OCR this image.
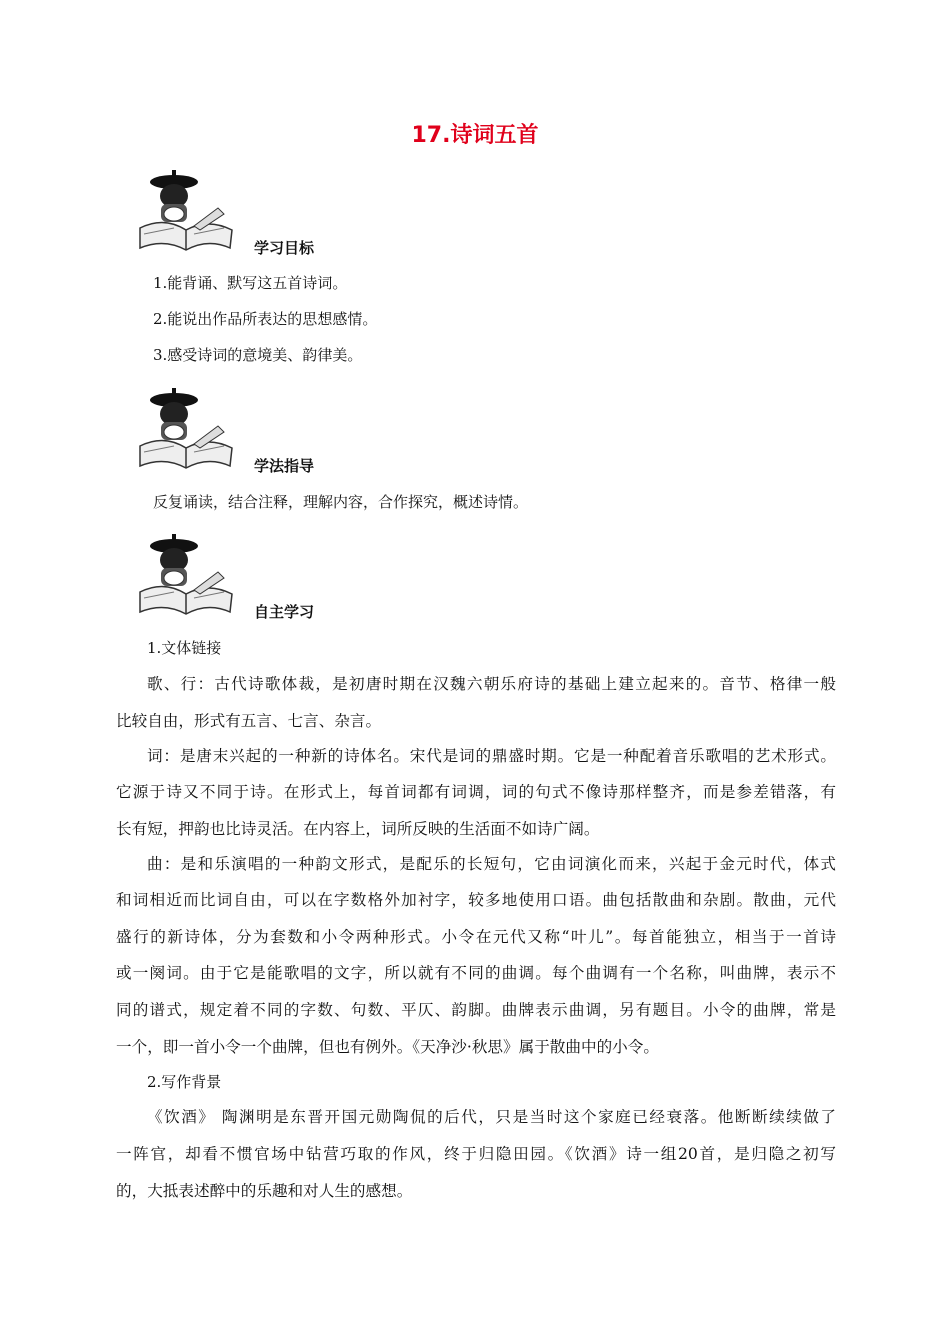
17.诗词五首
学习目标
1.能背诵、默写这五首诗词。
2.能说出作品所表达的思想感情。
3.感受诗词的意境美、韵律美。
学法指导
反复诵读，结合注释，理解内容，合作探究，概述诗情。
自主学习
1.文体链接
歌、行：古代诗歌体裁，是初唐时期在汉魏六朝乐府诗的基础上建立起来的。音节、格律一般
比较自由，形式有五言、七言、杂言。
词：是唐末兴起的一种新的诗体名。宋代是词的鼎盛时期。它是一种配着音乐歌唱的艺术形式。
它源于诗又不同于诗。在形式上，每首词都有词调，词的句式不像诗那样整齐，而是参差错落，有
长有短，押韵也比诗灵活。在内容上，词所反映的生活面不如诗广阔。
曲：是和乐演唱的一种韵文形式，是配乐的长短句，它由词演化而来，兴起于金元时代，体式
和词相近而比词自由，可以在字数格外加衬字，较多地使用口语。曲包括散曲和杂剧。散曲，元代
盛行的新诗体，分为套数和小令两种形式。小令在元代又称“叶儿”。每首能独立，相当于一首诗
或一阕词。由于它是能歌唱的文字，所以就有不同的曲调。每个曲调有一个名称，叫曲牌，表示不
同的谱式，规定着不同的字数、句数、平仄、韵脚。曲牌表示曲调，另有题目。小令的曲牌，常是
一个，即一首小令一个曲牌，但也有例外。《天净沙·秋思》属于散曲中的小令。
2.写作背景
《饮酒》 陶渊明是东晋开国元勋陶侃的后代，只是当时这个家庭已经衰落。他断断续续做了
一阵官，却看不惯官场中钻营巧取的作风，终于归隐田园。《饮酒》诗一组20首，是归隐之初写
的，大抵表述醉中的乐趣和对人生的感想。
